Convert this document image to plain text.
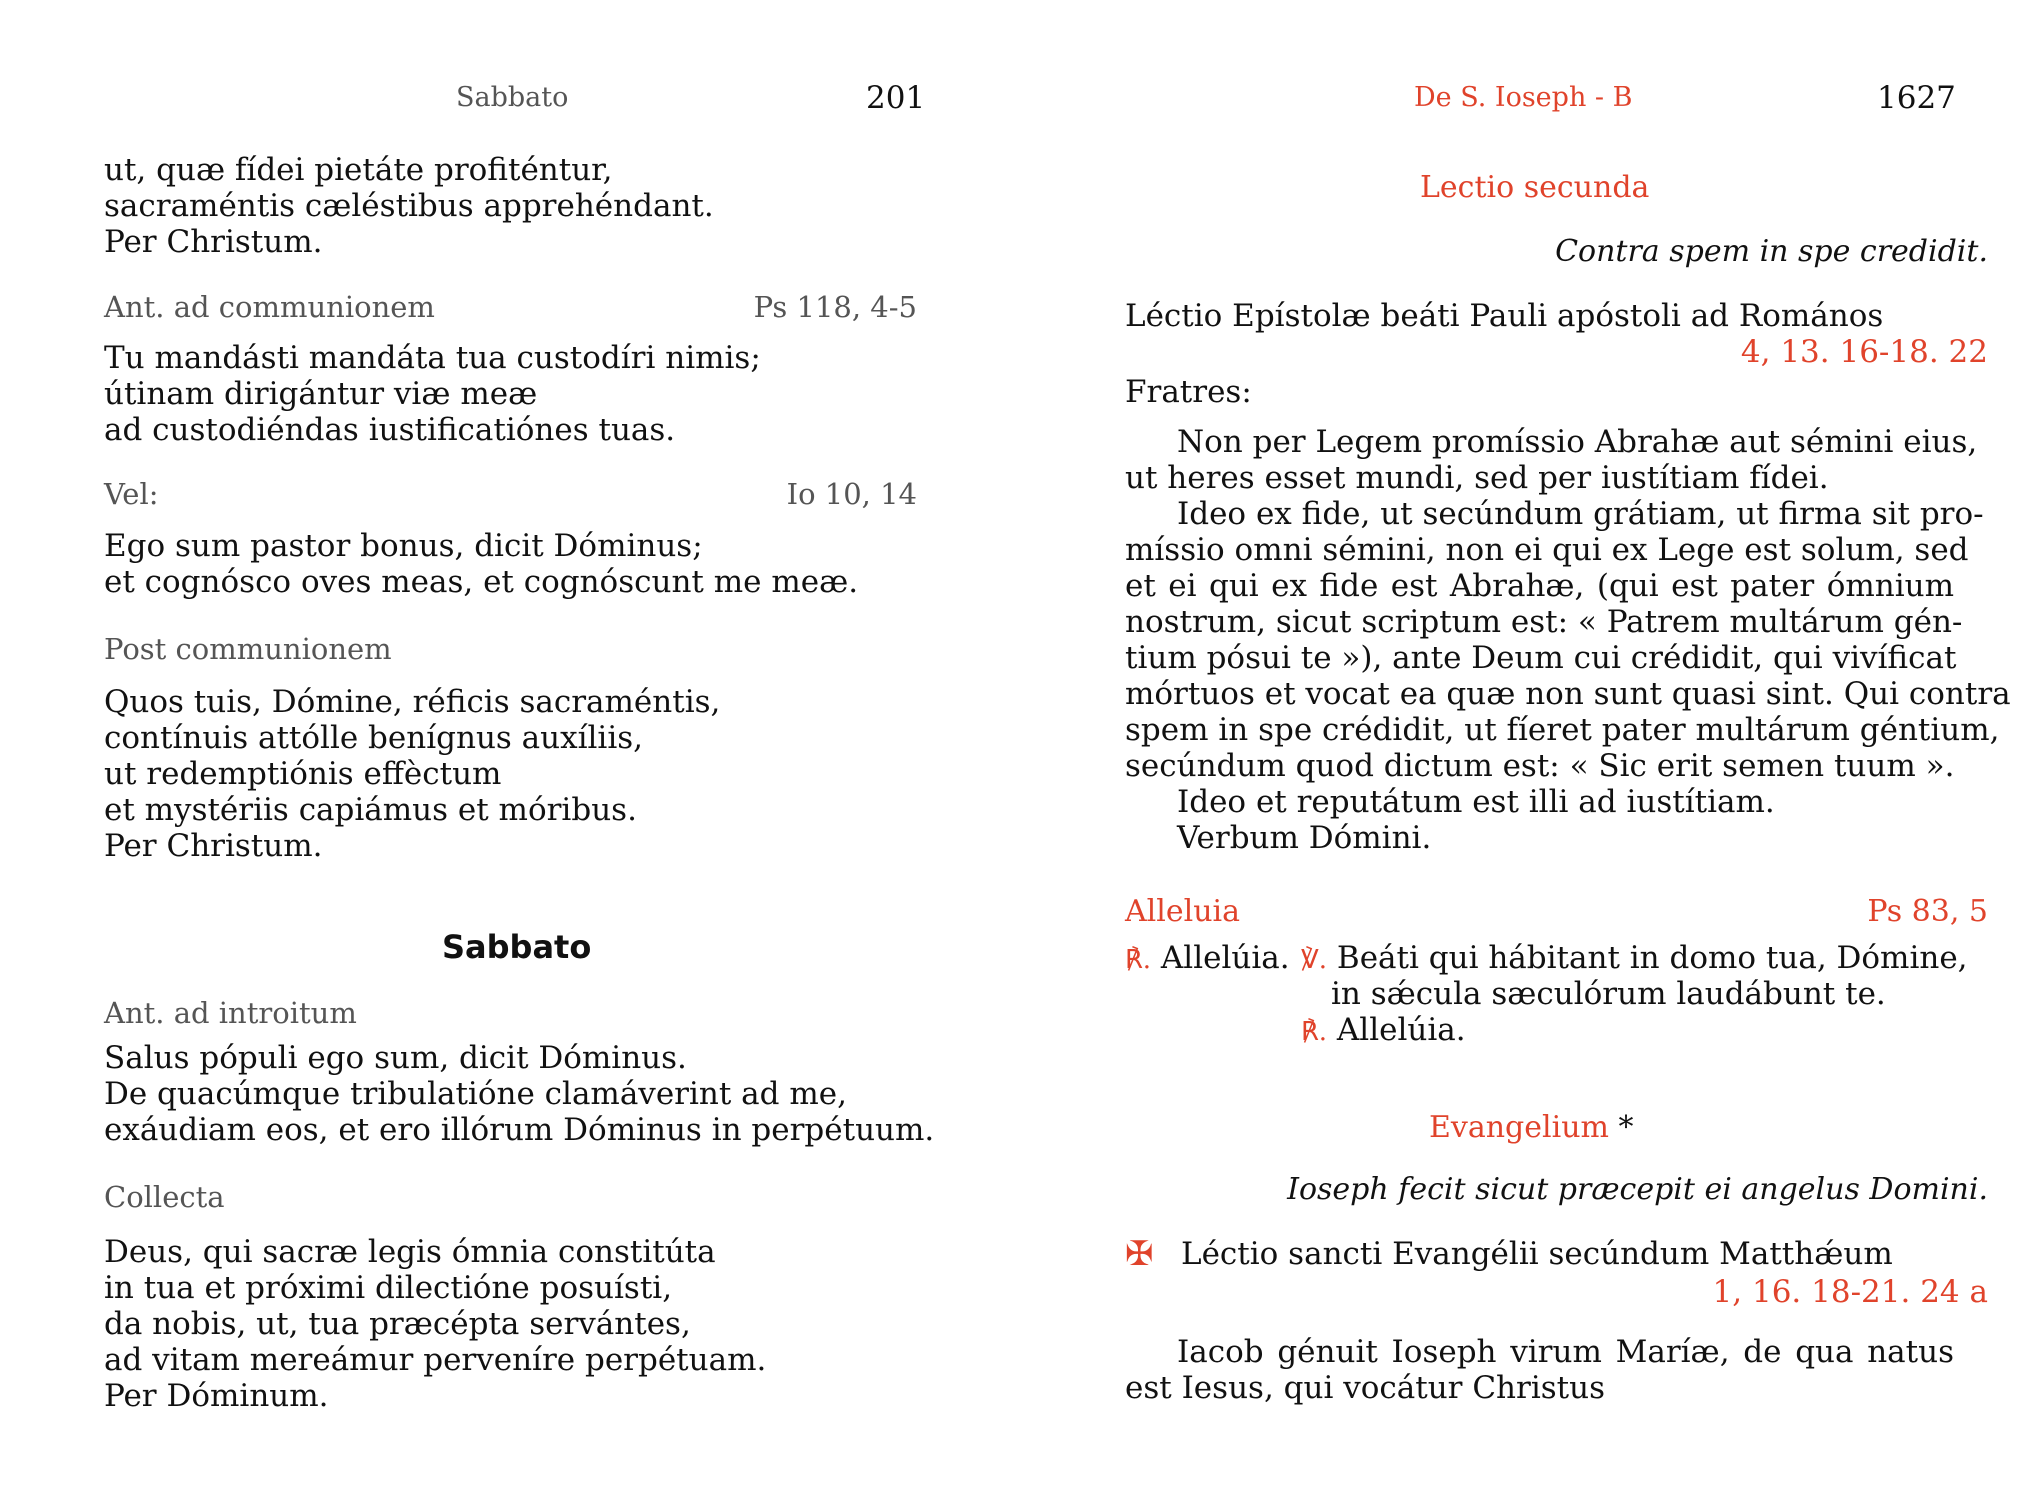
Sabbato	201
ut, quæ fídei pietáte profiténtur,
sacraméntis cæléstibus apprehéndant.
Per Christum.
Ant. ad communionem	Ps 118, 4-5
Tu mandásti mandáta tua custodíri nimis;
útinam dirigántur viæ meæ
ad custodiéndas iustificatiónes tuas.
Vel:	Io 10, 14
Ego sum pastor bonus, dicit Dóminus;
et cognósco oves meas, et cognóscunt me meæ.
Post communionem
Quos tuis, Dómine, réficis sacraméntis,
contínuis attólle benígnus auxíliis,
ut redemptiónis effèctum
et mystériis capiámus et móribus.
Per Christum.
Sabbato
Ant. ad introitum
Salus pópuli ego sum, dicit Dóminus.
De quacúmque tribulatióne clamáverint ad me,
exáudiam eos, et ero illórum Dóminus in perpétuum.
Collecta
Deus, qui sacræ legis ómnia constitúta
in tua et próximi dilectióne posuísti,
da nobis, ut, tua præcépta servántes,
ad vitam mereámur perveníre perpétuam.
Per Dóminum.
De S. Ioseph - B	1627
Lectio secunda
Contra spem in spe credidit.
Léctio Epístolæ beáti Pauli apóstoli ad Romános
4, 13. 16-18. 22
Fratres:
Non per Legem promíssio Abrahæ aut sémini eius,
ut heres esset mundi, sed per iustítiam fídei.
Ideo ex fide, ut secúndum grátiam, ut firma sit pro-
míssio omni sémini, non ei qui ex Lege est solum, sed
et ei qui ex fide est Abrahæ, (qui est pater ómnium
nostrum, sicut scriptum est: « Patrem multárum gén-
tium pósui te »), ante Deum cui crédidit, qui vivíficat
mórtuos et vocat ea quæ non sunt quasi sint. Qui contra
spem in spe crédidit, ut fíeret pater multárum géntium,
secúndum quod dictum est: « Sic erit semen tuum ».
Ideo et reputátum est illi ad iustítiam.
Verbum Dómini.
Alleluia	Ps 83, 5
℟. Allelúia. ℣. Beáti qui hábitant in domo tua, Dómine,
in sǽcula sæculórum laudábunt te.
℟. Allelúia.
Evangelium *
Ioseph fecit sicut præcepit ei angelus Domini.
✠ Léctio sancti Evangélii secúndum Matthǽum
1, 16. 18-21. 24 a
Iacob génuit Ioseph virum Maríæ, de qua natus
est Iesus, qui vocátur Christus
